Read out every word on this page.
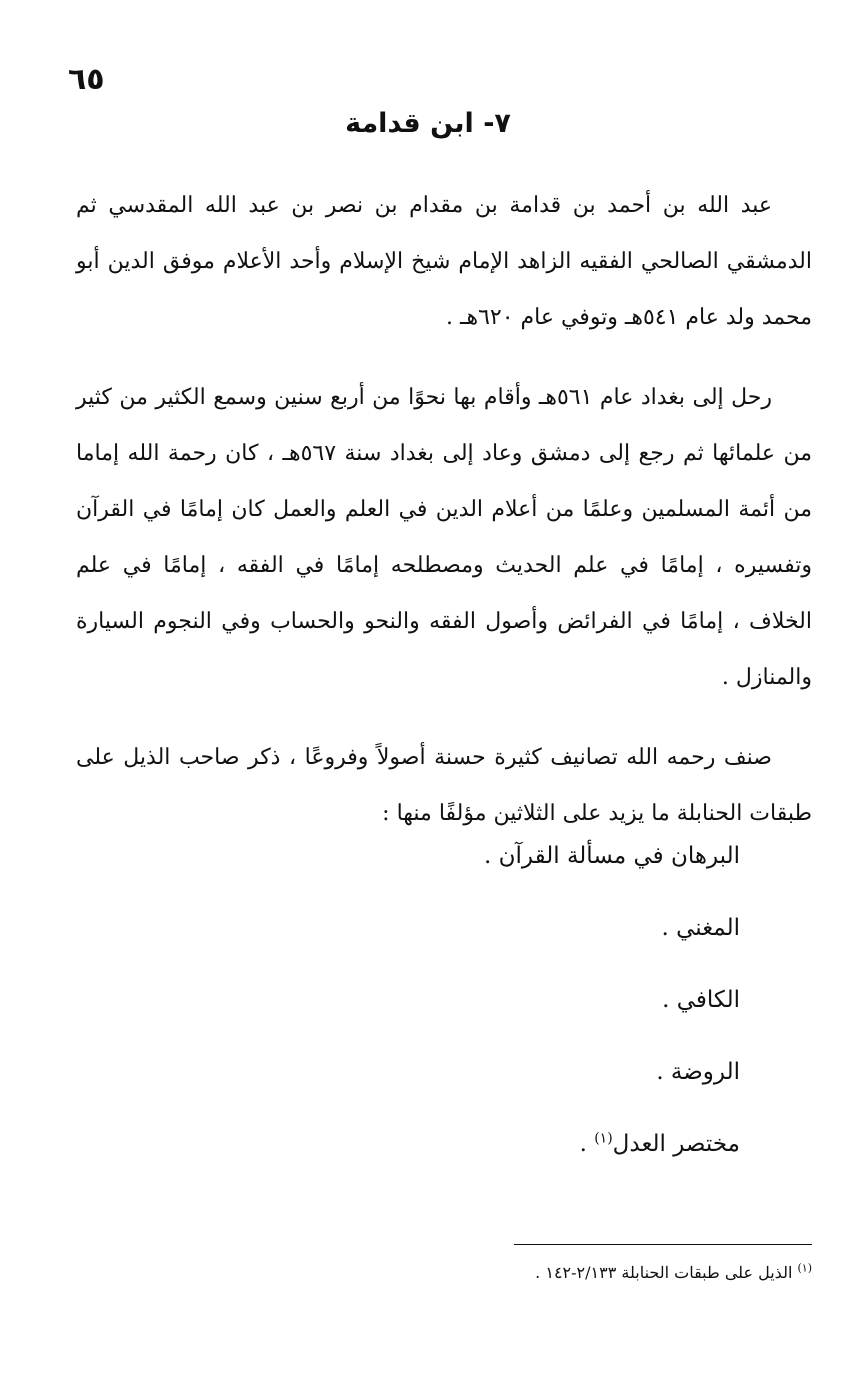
٦٥
٧- ابن قدامة

عبد الله بن أحمد بن قدامة بن مقدام بن نصر بن عبد الله المقدسي ثم الدمشقي الصالحي الفقيه الزاهد الإمام شيخ الإسلام وأحد الأعلام موفق الدين أبو محمد ولد عام ٥٤١هـ وتوفي عام ٦٢٠هـ .

رحل إلى بغداد عام ٥٦١هـ وأقام بها نحوًا من أربع سنين وسمع الكثير من كثير من علمائها ثم رجع إلى دمشق وعاد إلى بغداد سنة ٥٦٧هـ ، كان رحمة الله إماما من أئمة المسلمين وعلمًا من أعلام الدين في العلم والعمل كان إمامًا في القرآن وتفسيره ، إمامًا في علم الحديث ومصطلحه إمامًا في الفقه ، إمامًا في علم الخلاف ، إمامًا في الفرائض وأصول الفقه والنحو والحساب وفي النجوم السيارة والمنازل .

صنف رحمه الله تصانيف كثيرة حسنة أصولاً وفروعًا ، ذكر صاحب الذيل على طبقات الحنابلة ما يزيد على الثلاثين مؤلفًا منها :

البرهان في مسألة القرآن .
المغني .
الكافي .
الروضة .
مختصر العدل$^{(١)}$ .
$^{(١)}$ الذيل على طبقات الحنابلة ٢/١٣٣-١٤٢ .
